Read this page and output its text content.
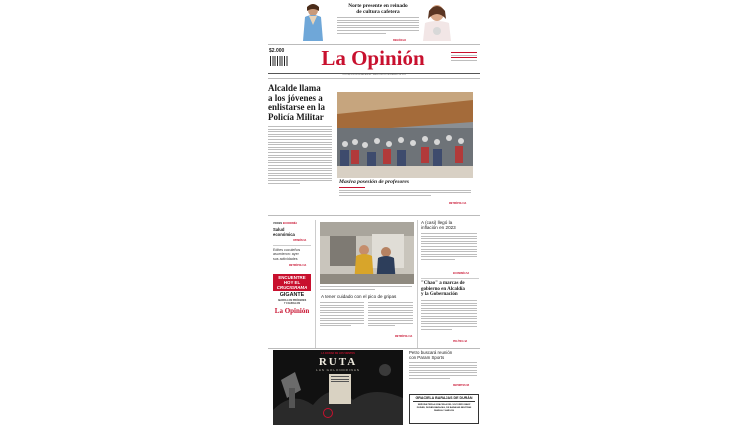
Norte presente en reinado
de cultura cafetera
REGIÓN 2A
$2.000	La Opinión
CÚCUTA, NORTE DE SANTANDER · MIÉRCOLES 22 DE FEBRERO DE 2023
Alcalde llama
a los jóvenes a
enlistarse en la
Policía Militar
Masiva posesión de profesores
METRÓPOLI 3A
VOCES ECONOMÍA
Salud
económica
OPINIÓN 6A
Edites cuculeños
asumieron: ayer
sus actividades
METRÓPOLI 3A
ENCUENTRE
HOY EL
CRUCIGRAMA
GIGANTE
AHORA LOS PRÓCERES
Y CAUDILLOS
La Opinión
A tener cuidado con el pico de gripas
METRÓPOLI 3A
A (casi) llegó la
inflación en 2023
ECONOMÍA 5A
"Chao" a marcas de
gobierno en Alcaldía
y la Gobernación
POLÍTICA 4A
LA CIUDAD DE LOS VIENTOS
RUTA
LAS GOLONDRINAS
Petro buscará reunión
con Param Sports
DEPORTES 1B
GRACIELA BARAJAS DE DURÁN
SEÑORA PERLA GRACIELA DEL SOCORRO BAEZ
DURÁN, DURÁN BARAJAS, DE BARAJAS BELTRÁN
FAMILIA Y AMIGOS
